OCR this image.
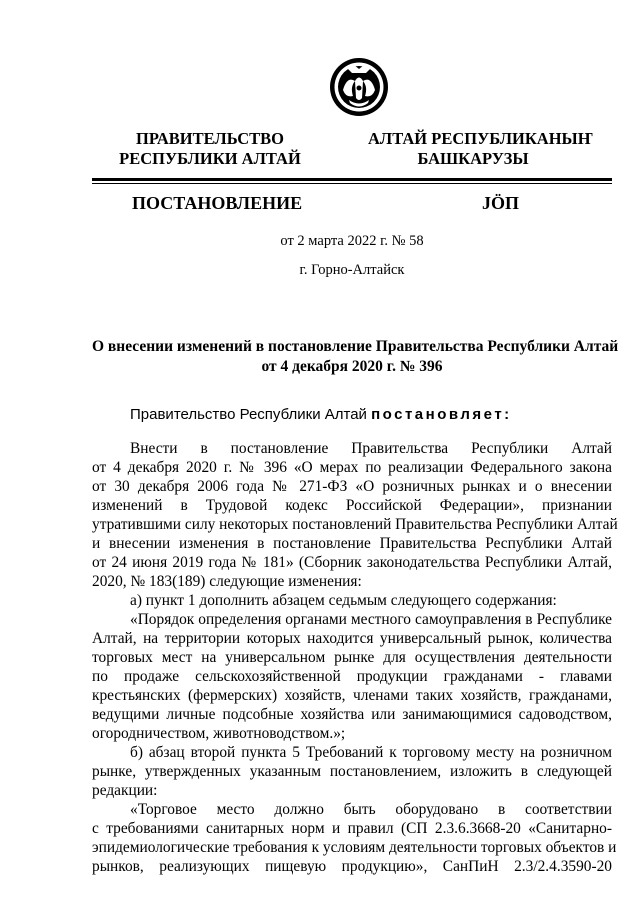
ПРАВИТЕЛЬСТВО
РЕСПУБЛИКИ АЛТАЙ
АЛТАЙ РЕСПУБЛИКАНЫҤ
БАШКАРУЗЫ
ПОСТАНОВЛЕНИЕ	JÖП
от 2 марта 2022 г. № 58
г. Горно-Алтайск
О внесении изменений в постановление Правительства Республики Алтай
от 4 декабря 2020 г. № 396
Правительство Республики Алтай постановляет:
Внести в постановление Правительства Республики Алтай
от 4 декабря 2020 г. № 396 «О мерах по реализации Федерального закона
от 30 декабря 2006 года № 271-ФЗ «О розничных рынках и о внесении
изменений в Трудовой кодекс Российской Федерации», признании
утратившими силу некоторых постановлений Правительства Республики Алтай
и внесении изменения в постановление Правительства Республики Алтай
от 24 июня 2019 года № 181» (Сборник законодательства Республики Алтай,
2020, № 183(189) следующие изменения:
а) пункт 1 дополнить абзацем седьмым следующего содержания:
«Порядок определения органами местного самоуправления в Республике
Алтай, на территории которых находится универсальный рынок, количества
торговых мест на универсальном рынке для осуществления деятельности
по продаже сельскохозяйственной продукции гражданами - главами
крестьянских (фермерских) хозяйств, членами таких хозяйств, гражданами,
ведущими личные подсобные хозяйства или занимающимися садоводством,
огородничеством, животноводством.»;
б) абзац второй пункта 5 Требований к торговому месту на розничном
рынке, утвержденных указанным постановлением, изложить в следующей
редакции:
«Торговое место должно быть оборудовано в соответствии
с требованиями санитарных норм и правил (СП 2.3.6.3668-20 «Санитарно-
эпидемиологические требования к условиям деятельности торговых объектов и
рынков, реализующих пищевую продукцию», СанПиН 2.3/2.4.3590-20
